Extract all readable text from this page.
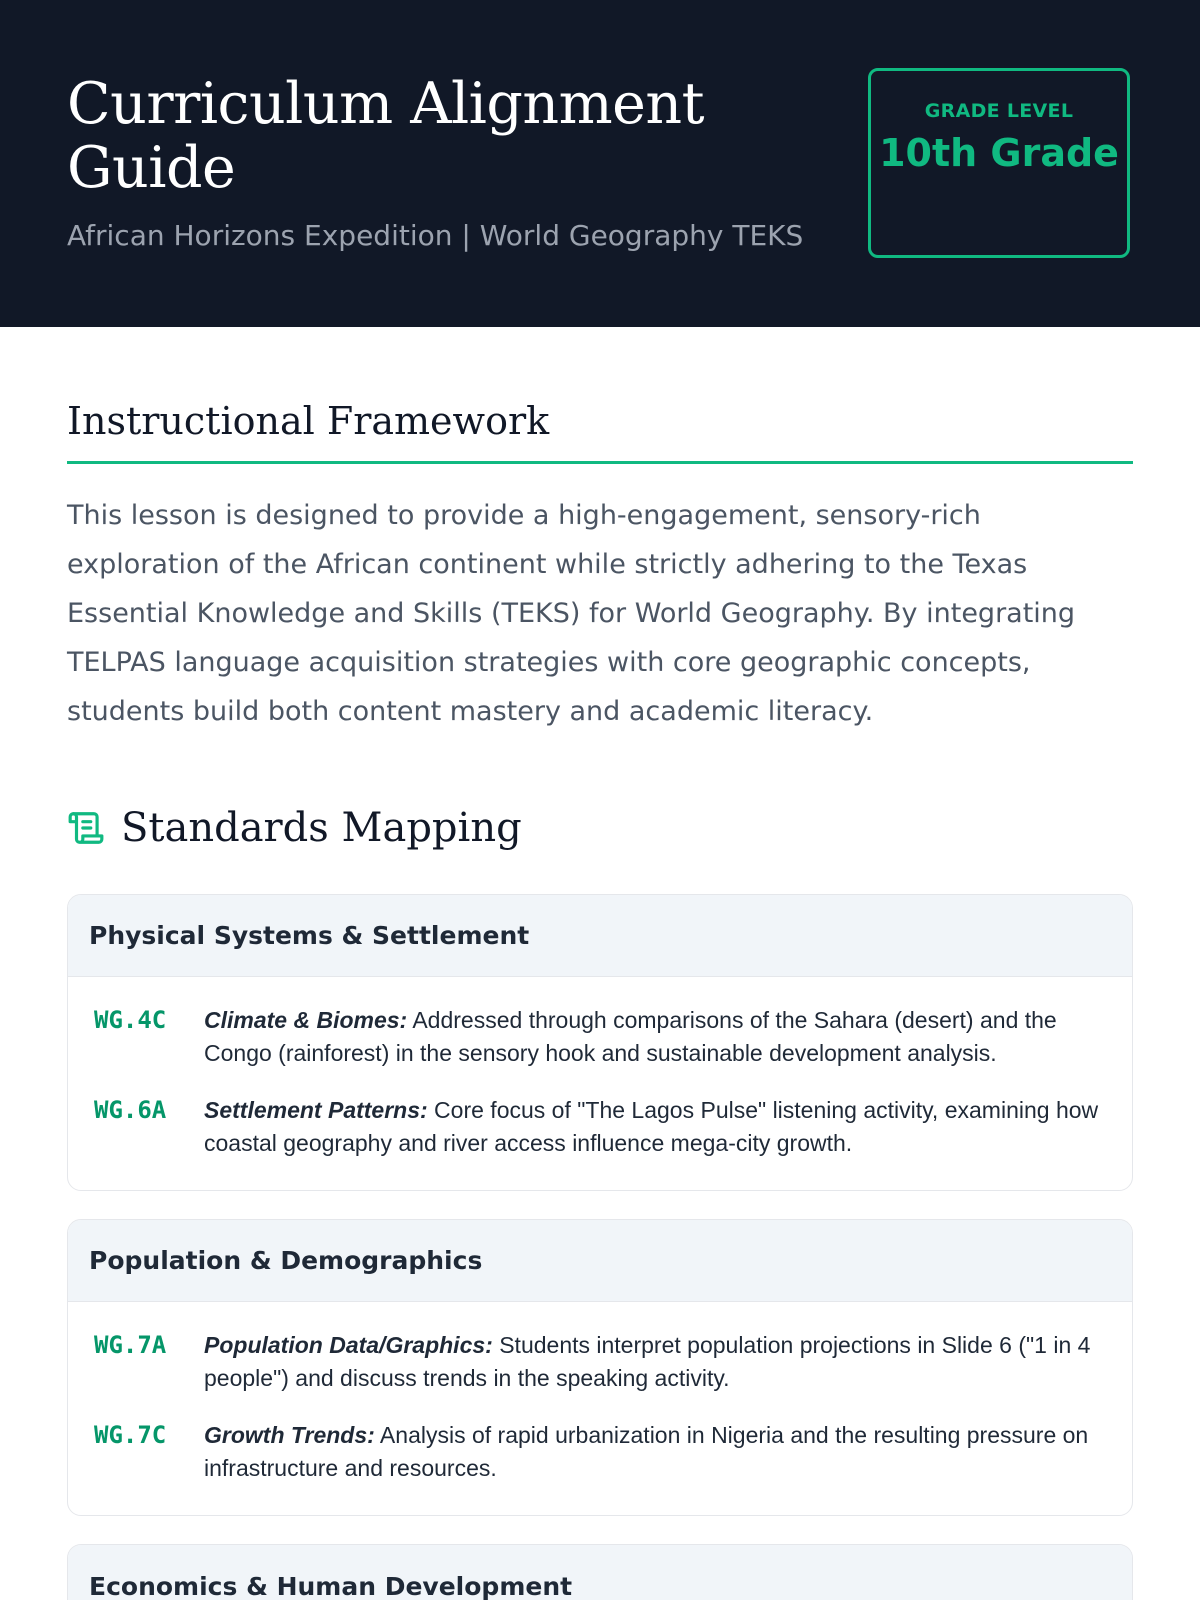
Curriculum Alignment Guide
African Horizons Expedition | World Geography TEKS
GRADE LEVEL
10th Grade
Instructional Framework

This lesson is designed to provide a high-engagement, sensory-rich exploration of the African continent while strictly adhering to the Texas Essential Knowledge and Skills (TEKS) for World Geography. By integrating TELPAS language acquisition strategies with core geographic concepts, students build both content mastery and academic literacy.

Standards Mapping
Physical Systems & Settlement
WG.4C	Climate & Biomes: Addressed through comparisons of the Sahara (desert) and the Congo (rainforest) in the sensory hook and sustainable development analysis.
WG.6A	Settlement Patterns: Core focus of "The Lagos Pulse" listening activity, examining how coastal geography and river access influence mega-city growth.
Population & Demographics
WG.7A	Population Data/Graphics: Students interpret population projections in Slide 6 ("1 in 4 people") and discuss trends in the speaking activity.
WG.7C	Growth Trends: Analysis of rapid urbanization in Nigeria and the resulting pressure on infrastructure and resources.
Economics & Human Development
